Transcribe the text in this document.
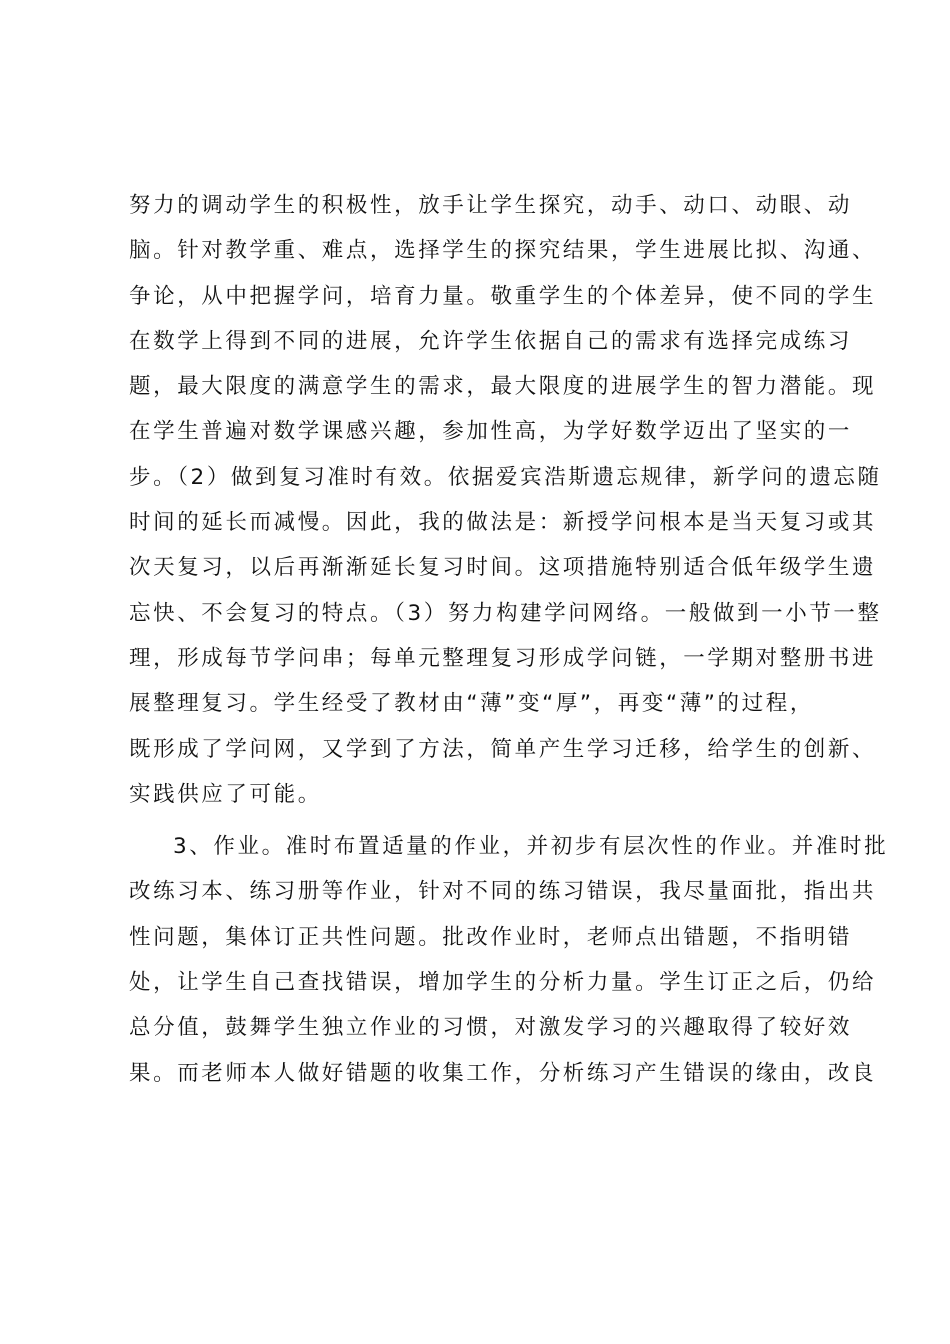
努力的调动学生的积极性，放手让学生探究，动手、动口、动眼、动
脑。针对教学重、难点，选择学生的探究结果，学生进展比拟、沟通、
争论，从中把握学问，培育力量。敬重学生的个体差异，使不同的学生
在数学上得到不同的进展，允许学生依据自己的需求有选择完成练习
题，最大限度的满意学生的需求，最大限度的进展学生的智力潜能。现
在学生普遍对数学课感兴趣，参加性高，为学好数学迈出了坚实的一
步。（2）做到复习准时有效。依据爱宾浩斯遗忘规律，新学问的遗忘随
时间的延长而减慢。因此，我的做法是：新授学问根本是当天复习或其
次天复习，以后再渐渐延长复习时间。这项措施特别适合低年级学生遗
忘快、不会复习的特点。（3）努力构建学问网络。一般做到一小节一整
理，形成每节学问串；每单元整理复习形成学问链，一学期对整册书进
展整理复习。学生经受了教材由“薄”变“厚”，再变“薄”的过程，
既形成了学问网，又学到了方法，简单产生学习迁移，给学生的创新、
实践供应了可能。
3、作业。准时布置适量的作业，并初步有层次性的作业。并准时批
改练习本、练习册等作业，针对不同的练习错误，我尽量面批，指出共
性问题，集体订正共性问题。批改作业时，老师点出错题，不指明错
处，让学生自己查找错误，增加学生的分析力量。学生订正之后，仍给
总分值，鼓舞学生独立作业的习惯，对激发学习的兴趣取得了较好效
果。而老师本人做好错题的收集工作，分析练习产生错误的缘由，改良
